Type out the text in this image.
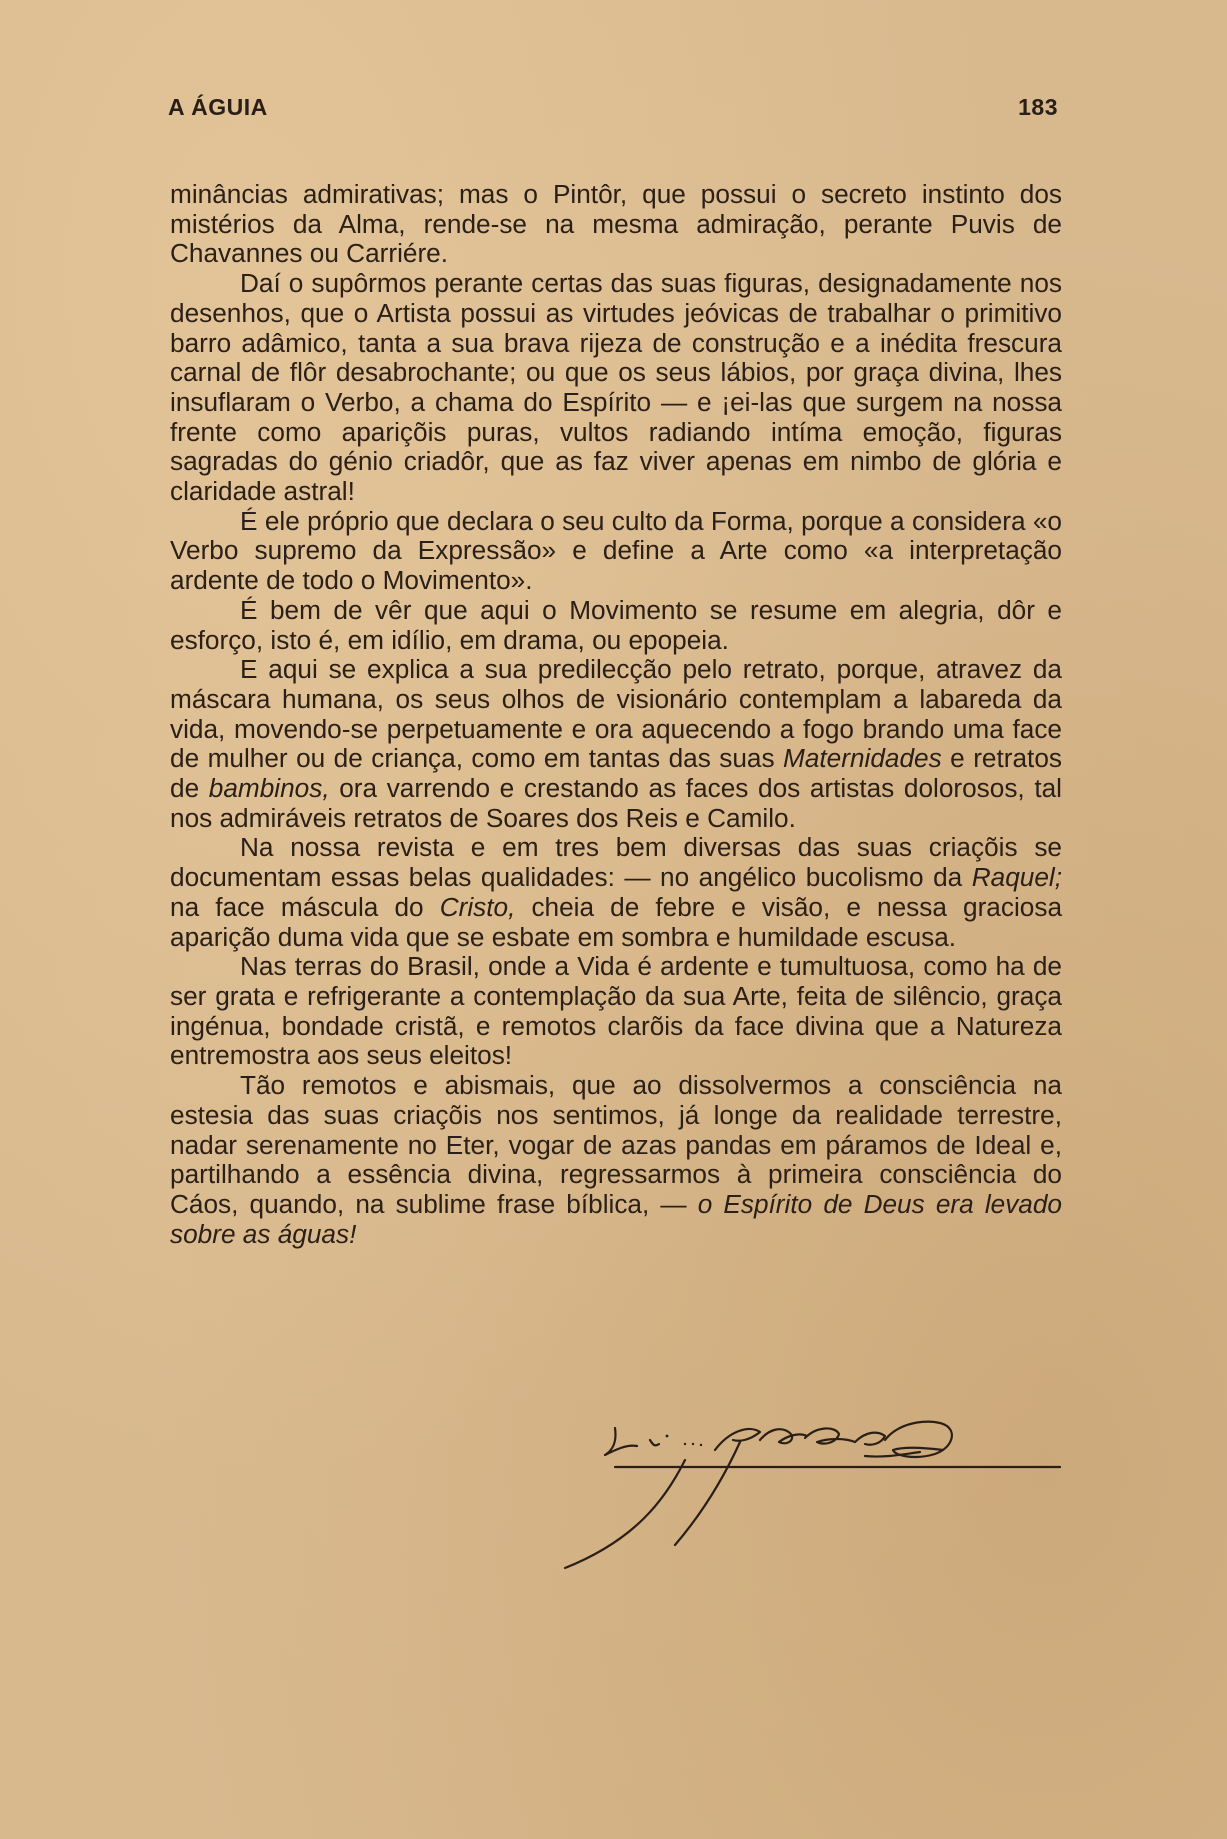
A ÁGUIA	183

minâncias admirativas; mas o Pintôr, que possui o secreto instinto dos mistérios da Alma, rende-se na mesma admiração, perante Puvis de Chavannes ou Carriére.

Daí o supôrmos perante certas das suas figuras, designadamente nos desenhos, que o Artista possui as virtudes jeóvicas de trabalhar o primitivo barro adâmico, tanta a sua brava rijeza de construção e a inédita frescura carnal de flôr desabrochante; ou que os seus lábios, por graça divina, lhes insuflaram o Verbo, a chama do Espírito — e ¡ei-las que surgem na nossa frente como apariçõis puras, vultos radiando intíma emoção, figuras sagradas do génio criadôr, que as faz viver apenas em nimbo de glória e claridade astral!

É ele próprio que declara o seu culto da Forma, porque a considera «o Verbo supremo da Expressão» e define a Arte como «a interpretação ardente de todo o Movimento».

É bem de vêr que aqui o Movimento se resume em alegria, dôr e esforço, isto é, em idílio, em drama, ou epopeia.

E aqui se explica a sua predilecção pelo retrato, porque, atravez da máscara humana, os seus olhos de visionário contemplam a labareda da vida, movendo-se perpetuamente e ora aquecendo a fogo brando uma face de mulher ou de criança, como em tantas das suas Maternidades e retratos de bambinos, ora varrendo e crestando as faces dos artistas dolorosos, tal nos admiráveis retratos de Soares dos Reis e Camilo.

Na nossa revista e em tres bem diversas das suas criaçõis se documentam essas belas qualidades: — no angélico bucolismo da Raquel; na face máscula do Cristo, cheia de febre e visão, e nessa graciosa aparição duma vida que se esbate em sombra e humildade escusa.

Nas terras do Brasil, onde a Vida é ardente e tumultuosa, como ha de ser grata e refrigerante a contemplação da sua Arte, feita de silêncio, graça ingénua, bondade cristã, e remotos clarõis da face divina que a Natureza entremostra aos seus eleitos!

Tão remotos e abismais, que ao dissolvermos a consciência na estesia das suas criaçõis nos sentimos, já longe da realidade terrestre, nadar serenamente no Eter, vogar de azas pandas em páramos de Ideal e, partilhando a essência divina, regressarmos à primeira consciência do Cáos, quando, na sublime frase bíblica, — o Espírito de Deus era levado sobre as águas!
